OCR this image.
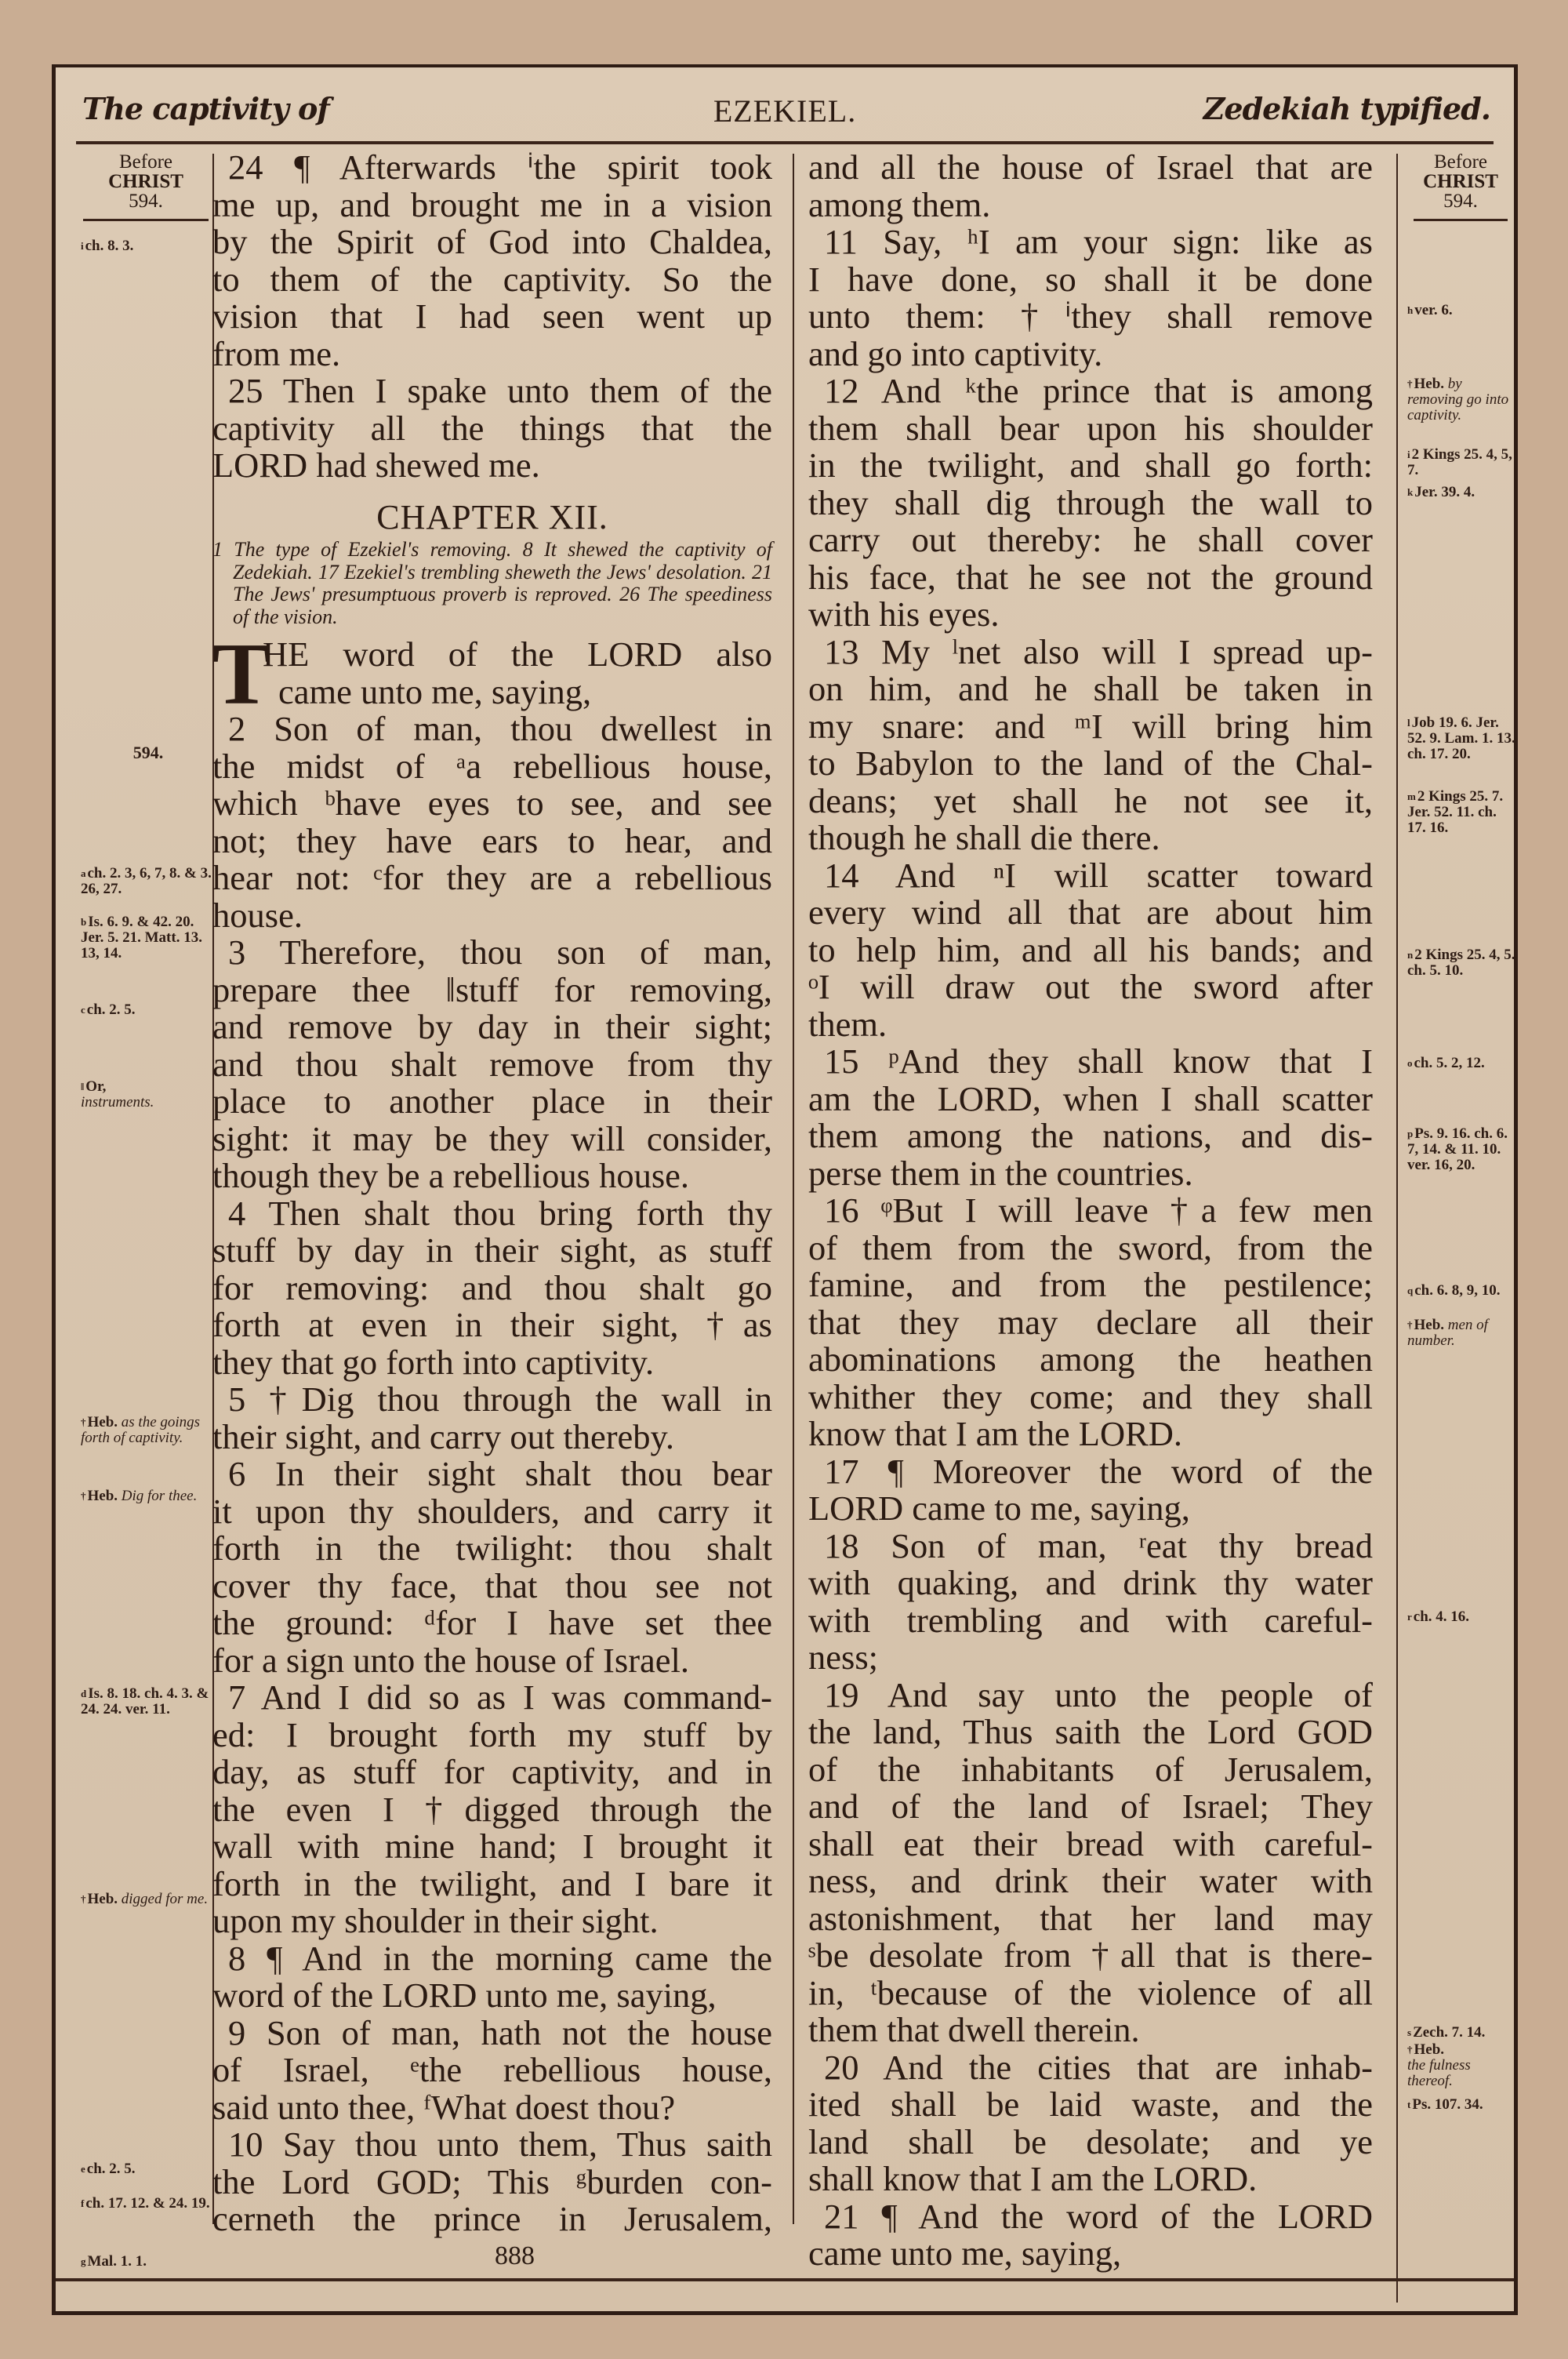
The captivity of	EZEKIEL.	Zedekiah typified.
Before
CHRIST
594.
$^i$ ch. 8. 3.
594.
$^a$ ch. 2. 3, 6, 7, 8. & 3. 26, 27.
$^b$ Is. 6. 9. & 42. 20. Jer. 5. 21. Matt. 13. 13, 14.
$^c$ ch. 2. 5.
‖ Or,
instruments.
† Heb. as the goings forth of captivity.
† Heb. Dig for thee.
$^d$ Is. 8. 18. ch. 4. 3. & 24. 24. ver. 11.
† Heb. digged for me.
$^e$ ch. 2. 5.
$^f$ ch. 17. 12. & 24. 19.
$^g$ Mal. 1. 1.
24 ¶ Afterwards ⁱthe spirit took
me up, and brought me in a vision
by the Spirit of God into Chaldea,
to them of the captivity. So the
vision that I had seen went up
from me.
25 Then I spake unto them of the
captivity all the things that the
LORD had shewed me.
CHAPTER XII.
1 The type of Ezekiel's removing. 8 It shewed the captivity of Zedekiah. 17 Ezekiel's trembling sheweth the Jews' desolation. 21 The Jews' presumptuous proverb is reproved. 26 The speediness of the vision.
T
HE word of the LORD also
came unto me, saying,
2 Son of man, thou dwellest in
the midst of ᵃa rebellious house,
which ᵇhave eyes to see, and see
not; they have ears to hear, and
hear not: ᶜfor they are a rebellious
house.
3 Therefore, thou son of man,
prepare thee ‖stuff for removing,
and remove by day in their sight;
and thou shalt remove from thy
place to another place in their
sight: it may be they will consider,
though they be a rebellious house.
4 Then shalt thou bring forth thy
stuff by day in their sight, as stuff
for removing: and thou shalt go
forth at even in their sight, †as
they that go forth into captivity.
5 †Dig thou through the wall in
their sight, and carry out thereby.
6 In their sight shalt thou bear
it upon thy shoulders, and carry it
forth in the twilight: thou shalt
cover thy face, that thou see not
the ground: ᵈfor I have set thee
for a sign unto the house of Israel.
7 And I did so as I was command-
ed: I brought forth my stuff by
day, as stuff for captivity, and in
the even I †digged through the
wall with mine hand; I brought it
forth in the twilight, and I bare it
upon my shoulder in their sight.
8 ¶ And in the morning came the
word of the LORD unto me, saying,
9 Son of man, hath not the house
of Israel, ᵉthe rebellious house,
said unto thee, ᶠWhat doest thou?
10 Say thou unto them, Thus saith
the Lord GOD; This ᵍburden con-
cerneth the prince in Jerusalem,
and all the house of Israel that are
among them.
11 Say, ʰI am your sign: like as
I have done, so shall it be done
unto them: †ⁱthey shall remove
and go into captivity.
12 And ᵏthe prince that is among
them shall bear upon his shoulder
in the twilight, and shall go forth:
they shall dig through the wall to
carry out thereby: he shall cover
his face, that he see not the ground
with his eyes.
13 My ˡnet also will I spread up-
on him, and he shall be taken in
my snare: and ᵐI will bring him
to Babylon to the land of the Chal-
deans; yet shall he not see it,
though he shall die there.
14 And ⁿI will scatter toward
every wind all that are about him
to help him, and all his bands; and
ᵒI will draw out the sword after
them.
15 ᵖAnd they shall know that I
am the LORD, when I shall scatter
them among the nations, and dis-
perse them in the countries.
16 ᵠBut I will leave †a few men
of them from the sword, from the
famine, and from the pestilence;
that they may declare all their
abominations among the heathen
whither they come; and they shall
know that I am the LORD.
17 ¶ Moreover the word of the
LORD came to me, saying,
18 Son of man, ʳeat thy bread
with quaking, and drink thy water
with trembling and with careful-
ness;
19 And say unto the people of
the land, Thus saith the Lord GOD
of the inhabitants of Jerusalem,
and of the land of Israel; They
shall eat their bread with careful-
ness, and drink their water with
astonishment, that her land may
ˢbe desolate from †all that is there-
in, ᵗbecause of the violence of all
them that dwell therein.
20 And the cities that are inhab-
ited shall be laid waste, and the
land shall be desolate; and ye
shall know that I am the LORD.
21 ¶ And the word of the LORD
came unto me, saying,
Before
CHRIST
594.
$^h$ ver. 6.
† Heb. by removing go into captivity.
$^i$ 2 Kings 25. 4, 5, 7.
$^k$ Jer. 39. 4.
$^l$ Job 19. 6. Jer. 52. 9. Lam. 1. 13. ch. 17. 20.
$^m$ 2 Kings 25. 7. Jer. 52. 11. ch. 17. 16.
$^n$ 2 Kings 25. 4, 5. ch. 5. 10.
$^o$ ch. 5. 2, 12.
$^p$ Ps. 9. 16. ch. 6. 7, 14. & 11. 10. ver. 16, 20.
$^q$ ch. 6. 8, 9, 10.
† Heb. men of number.
$^r$ ch. 4. 16.
$^s$ Zech. 7. 14.
† Heb.
the fulness thereof.
$^t$ Ps. 107. 34.
888
